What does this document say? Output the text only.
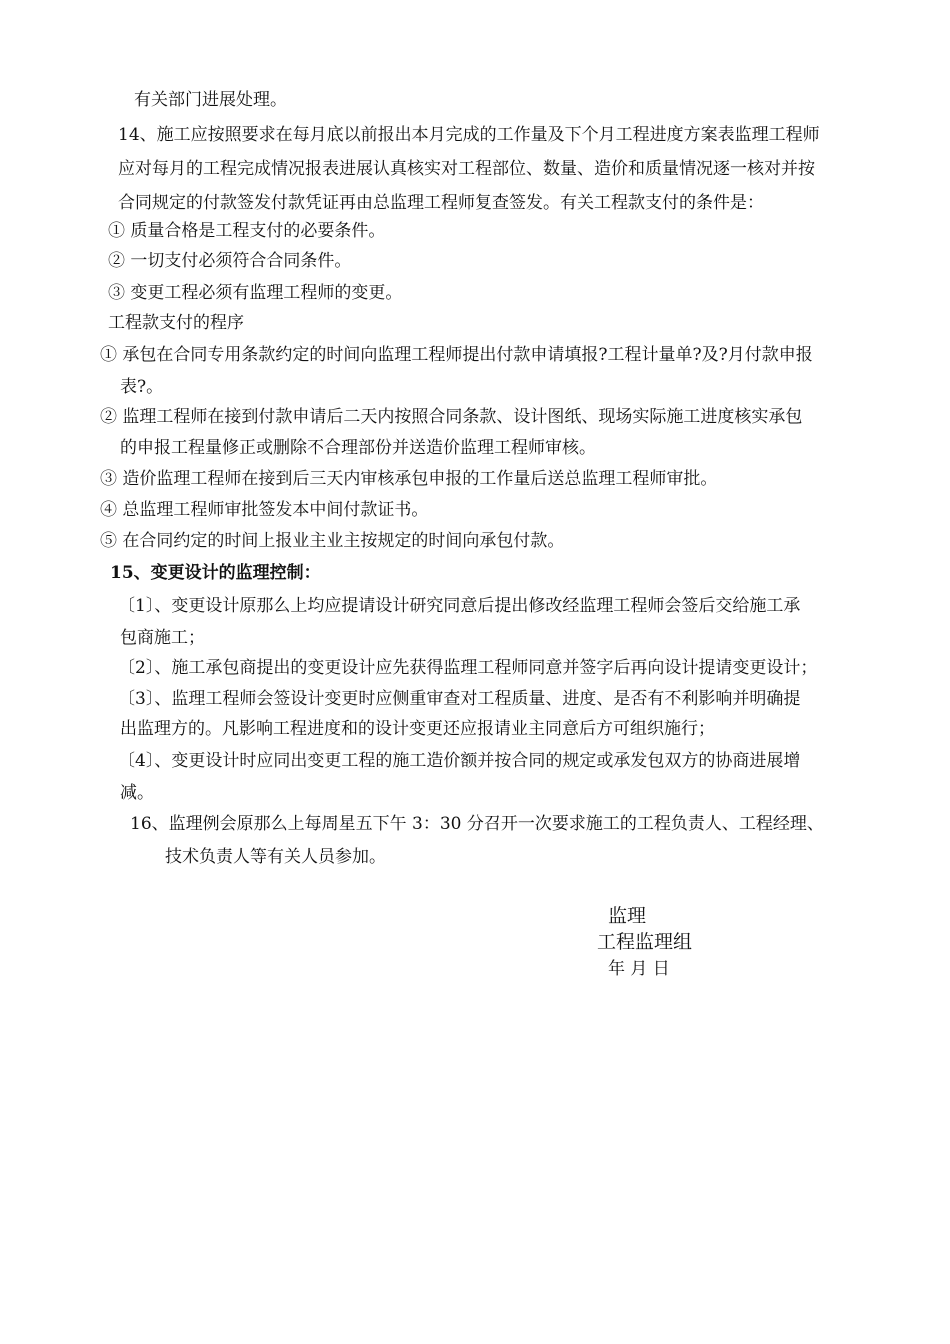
有关部门进展处理。
14、施工应按照要求在每月底以前报出本月完成的工作量及下个月工程进度方案表监理工程师
应对每月的工程完成情况报表进展认真核实对工程部位、数量、造价和质量情况逐一核对并按
合同规定的付款签发付款凭证再由总监理工程师复查签发。有关工程款支付的条件是：
① 质量合格是工程支付的必要条件。
② 一切支付必须符合合同条件。
③ 变更工程必须有监理工程师的变更。
工程款支付的程序
① 承包在合同专用条款约定的时间向监理工程师提出付款申请填报?工程计量单?及?月付款申报
表?。
② 监理工程师在接到付款申请后二天内按照合同条款、设计图纸、现场实际施工进度核实承包
的申报工程量修正或删除不合理部份并送造价监理工程师审核。
③ 造价监理工程师在接到后三天内审核承包申报的工作量后送总监理工程师审批。
④ 总监理工程师审批签发本中间付款证书。
⑤ 在合同约定的时间上报业主业主按规定的时间向承包付款。
15、变更设计的监理控制：
〔1〕、变更设计原那么上均应提请设计研究同意后提出修改经监理工程师会签后交给施工承
包商施工；
〔2〕、施工承包商提出的变更设计应先获得监理工程师同意并签字后再向设计提请变更设计；
〔3〕、监理工程师会签设计变更时应侧重审查对工程质量、进度、是否有不利影响并明确提
出监理方的。凡影响工程进度和的设计变更还应报请业主同意后方可组织施行；
〔4〕、变更设计时应同出变更工程的施工造价额并按合同的规定或承发包双方的协商进展增
减。
16、监理例会原那么上每周星五下午 3：30 分召开一次要求施工的工程负责人、工程经理、
技术负责人等有关人员参加。
监理
工程监理组
年 月 日
